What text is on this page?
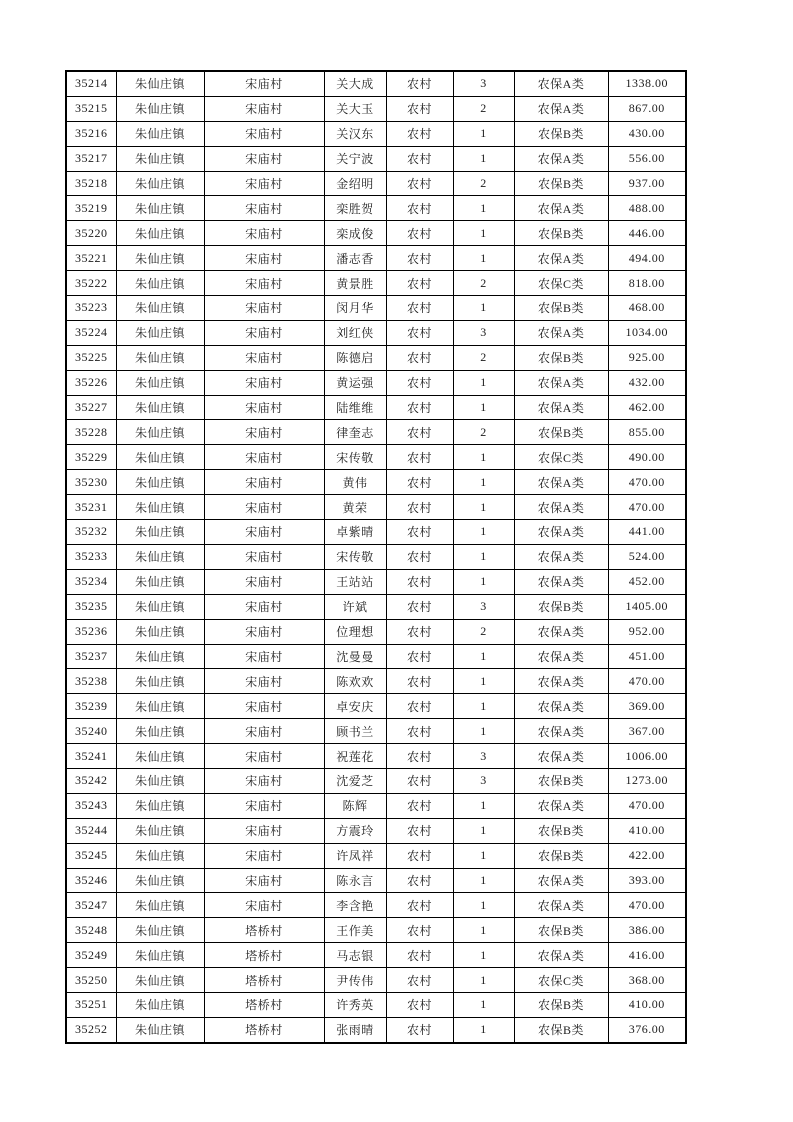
35214	朱仙庄镇	宋庙村	关大成	农村	3	农保A类	1338.00
35215	朱仙庄镇	宋庙村	关大玉	农村	2	农保A类	867.00
35216	朱仙庄镇	宋庙村	关汉东	农村	1	农保B类	430.00
35217	朱仙庄镇	宋庙村	关宁波	农村	1	农保A类	556.00
35218	朱仙庄镇	宋庙村	金绍明	农村	2	农保B类	937.00
35219	朱仙庄镇	宋庙村	栾胜贺	农村	1	农保A类	488.00
35220	朱仙庄镇	宋庙村	栾成俊	农村	1	农保B类	446.00
35221	朱仙庄镇	宋庙村	潘志香	农村	1	农保A类	494.00
35222	朱仙庄镇	宋庙村	黄景胜	农村	2	农保C类	818.00
35223	朱仙庄镇	宋庙村	闵月华	农村	1	农保B类	468.00
35224	朱仙庄镇	宋庙村	刘红侠	农村	3	农保A类	1034.00
35225	朱仙庄镇	宋庙村	陈德启	农村	2	农保B类	925.00
35226	朱仙庄镇	宋庙村	黄运强	农村	1	农保A类	432.00
35227	朱仙庄镇	宋庙村	陆维维	农村	1	农保A类	462.00
35228	朱仙庄镇	宋庙村	律奎志	农村	2	农保B类	855.00
35229	朱仙庄镇	宋庙村	宋传敬	农村	1	农保C类	490.00
35230	朱仙庄镇	宋庙村	黄伟	农村	1	农保A类	470.00
35231	朱仙庄镇	宋庙村	黄荣	农村	1	农保A类	470.00
35232	朱仙庄镇	宋庙村	卓紫晴	农村	1	农保A类	441.00
35233	朱仙庄镇	宋庙村	宋传敬	农村	1	农保A类	524.00
35234	朱仙庄镇	宋庙村	王站站	农村	1	农保A类	452.00
35235	朱仙庄镇	宋庙村	许斌	农村	3	农保B类	1405.00
35236	朱仙庄镇	宋庙村	位理想	农村	2	农保A类	952.00
35237	朱仙庄镇	宋庙村	沈曼曼	农村	1	农保A类	451.00
35238	朱仙庄镇	宋庙村	陈欢欢	农村	1	农保A类	470.00
35239	朱仙庄镇	宋庙村	卓安庆	农村	1	农保A类	369.00
35240	朱仙庄镇	宋庙村	顾书兰	农村	1	农保A类	367.00
35241	朱仙庄镇	宋庙村	祝莲花	农村	3	农保A类	1006.00
35242	朱仙庄镇	宋庙村	沈爱芝	农村	3	农保B类	1273.00
35243	朱仙庄镇	宋庙村	陈辉	农村	1	农保A类	470.00
35244	朱仙庄镇	宋庙村	方震玲	农村	1	农保B类	410.00
35245	朱仙庄镇	宋庙村	许凤祥	农村	1	农保B类	422.00
35246	朱仙庄镇	宋庙村	陈永言	农村	1	农保A类	393.00
35247	朱仙庄镇	宋庙村	李含艳	农村	1	农保A类	470.00
35248	朱仙庄镇	塔桥村	王作美	农村	1	农保B类	386.00
35249	朱仙庄镇	塔桥村	马志银	农村	1	农保A类	416.00
35250	朱仙庄镇	塔桥村	尹传伟	农村	1	农保C类	368.00
35251	朱仙庄镇	塔桥村	许秀英	农村	1	农保B类	410.00
35252	朱仙庄镇	塔桥村	张雨晴	农村	1	农保B类	376.00
